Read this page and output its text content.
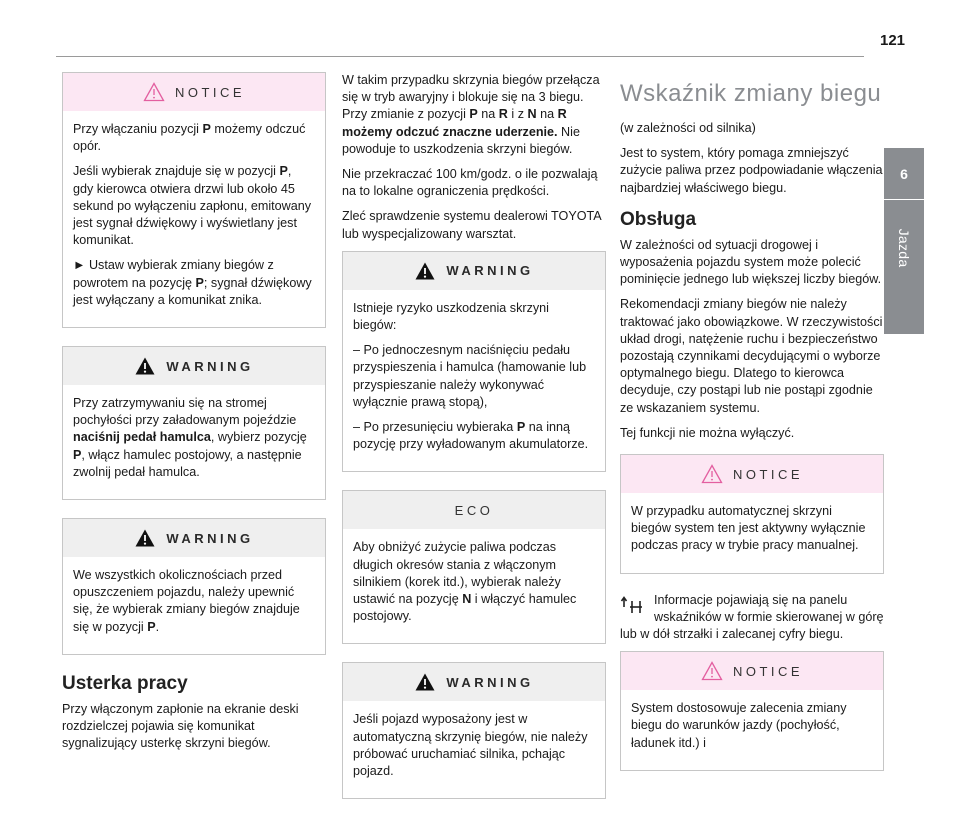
121
6
Jazda
NOTICE

Przy włączaniu pozycji P możemy odczuć opór.

Jeśli wybierak znajduje się w pozycji P, gdy kierowca otwiera drzwi lub około 45 sekund po wyłączeniu zapłonu, emitowany jest sygnał dźwiękowy i wyświetlany jest komunikat.

► Ustaw wybierak zmiany biegów z powrotem na pozycję P; sygnał dźwiękowy jest wyłączany a komunikat znika.

WARNING

Przy zatrzymywaniu się na stromej pochyłości przy załadowanym pojeździe naciśnij pedał hamulca, wybierz pozycję P, włącz hamulec postojowy, a następnie zwolnij pedał hamulca.

WARNING

We wszystkich okolicznościach przed opuszczeniem pojazdu, należy upewnić się, że wybierak zmiany biegów znajduje się w pozycji P.

Usterka pracy

Przy włączonym zapłonie na ekranie deski rozdzielczej pojawia się komunikat sygnalizujący usterkę skrzyni biegów.

W takim przypadku skrzynia biegów przełącza się w tryb awaryjny i blokuje się na 3 biegu. Przy zmianie z pozycji P na R i z N na R możemy odczuć znaczne uderzenie. Nie powoduje to uszkodzenia skrzyni biegów.

Nie przekraczać 100 km/godz. o ile pozwalają na to lokalne ograniczenia prędkości.

Zleć sprawdzenie systemu dealerowi TOYOTA lub wyspecjalizowany warsztat.

WARNING

Istnieje ryzyko uszkodzenia skrzyni biegów:

– Po jednoczesnym naciśnięciu pedału przyspieszenia i hamulca (hamowanie lub przyspieszanie należy wykonywać wyłącznie prawą stopą),

– Po przesunięciu wybieraka P na inną pozycję przy wyładowanym akumulatorze.

ECO

Aby obniżyć zużycie paliwa podczas długich okresów stania z włączonym silnikiem (korek itd.), wybierak należy ustawić na pozycję N i włączyć hamulec postojowy.

WARNING

Jeśli pojazd wyposażony jest w automatyczną skrzynię biegów, nie należy próbować uruchamiać silnika, pchając pojazd.

Wskaźnik zmiany biegu

(w zależności od silnika)

Jest to system, który pomaga zmniejszyć zużycie paliwa przez podpowiadanie włączenia najbardziej właściwego biegu.

Obsługa

W zależności od sytuacji drogowej i wyposażenia pojazdu system może polecić pominięcie jednego lub większej liczby biegów.

Rekomendacji zmiany biegów nie należy traktować jako obowiązkowe. W rzeczywistości układ drogi, natężenie ruchu i bezpieczeństwo pozostają czynnikami decydującymi o wyborze optymalnego biegu. Dlatego to kierowca decyduje, czy postąpi lub nie postąpi zgodnie ze wskazaniem systemu.

Tej funkcji nie można wyłączyć.

NOTICE

W przypadku automatycznej skrzyni biegów system ten jest aktywny wyłącznie podczas pracy w trybie pracy manualnej.

Informacje pojawiają się na panelu wskaźników w formie skierowanej w górę lub w dół strzałki i zalecanej cyfry biegu.

NOTICE

System dostosowuje zalecenia zmiany biegu do warunków jazdy (pochyłość, ładunek itd.) i
